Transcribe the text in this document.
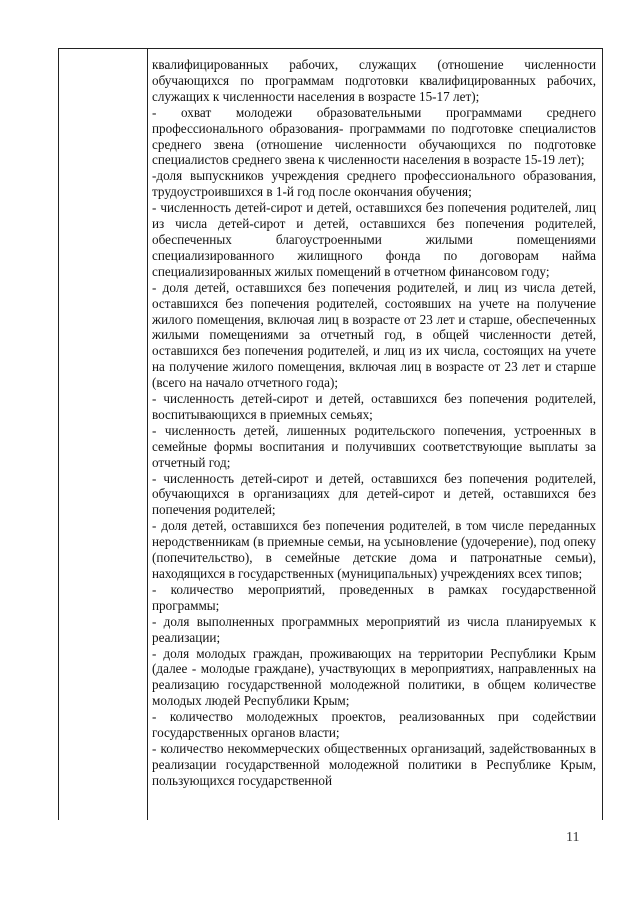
квалифицированных рабочих, служащих (отношение численности обучающихся по программам подготовки квалифицированных рабочих, служащих к численности населения в возрасте 15-17 лет);

- охват молодежи образовательными программами среднего профессионального образования- программами по подготовке специалистов среднего звена (отношение численности обучающихся по подготовке специалистов среднего звена к численности населения в возрасте 15-19 лет);

-доля выпускников учреждения среднего профессионального образования, трудоустроившихся в 1-й год после окончания обучения;

- численность детей-сирот и детей, оставшихся без попечения родителей, лиц из числа детей-сирот и детей, оставшихся без попечения родителей, обеспеченных благоустроенными жилыми помещениями специализированного жилищного фонда по договорам найма специализированных жилых помещений в отчетном финансовом году;

- доля детей, оставшихся без попечения родителей, и лиц из числа детей, оставшихся без попечения родителей, состоявших на учете на получение жилого помещения, включая лиц в возрасте от 23 лет и старше, обеспеченных жилыми помещениями за отчетный год, в общей численности детей, оставшихся без попечения родителей, и лиц из их числа, состоящих на учете на получение жилого помещения, включая лиц в возрасте от 23 лет и старше (всего на начало отчетного года);

- численность детей-сирот и детей, оставшихся без попечения родителей, воспитывающихся в приемных семьях;

- численность детей, лишенных родительского попечения, устроенных в семейные формы воспитания и получивших соответствующие выплаты за отчетный год;

- численность детей-сирот и детей, оставшихся без попечения родителей, обучающихся в организациях для детей-сирот и детей, оставшихся без попечения родителей;

- доля детей, оставшихся без попечения родителей, в том числе переданных неродственникам (в приемные семьи, на усыновление (удочерение), под опеку (попечительство), в семейные детские дома и патронатные семьи), находящихся в государственных (муниципальных) учреждениях всех типов;

- количество мероприятий, проведенных в рамках государственной программы;

- доля выполненных программных мероприятий из числа планируемых к реализации;

- доля молодых граждан, проживающих на территории Республики Крым (далее - молодые граждане), участвующих в мероприятиях, направленных на реализацию государственной молодежной политики, в общем количестве молодых людей Республики Крым;

- количество молодежных проектов, реализованных при содействии государственных органов власти;

- количество некоммерческих общественных организаций, задействованных в реализации государственной молодежной политики в Республике Крым, пользующихся государственной

11
